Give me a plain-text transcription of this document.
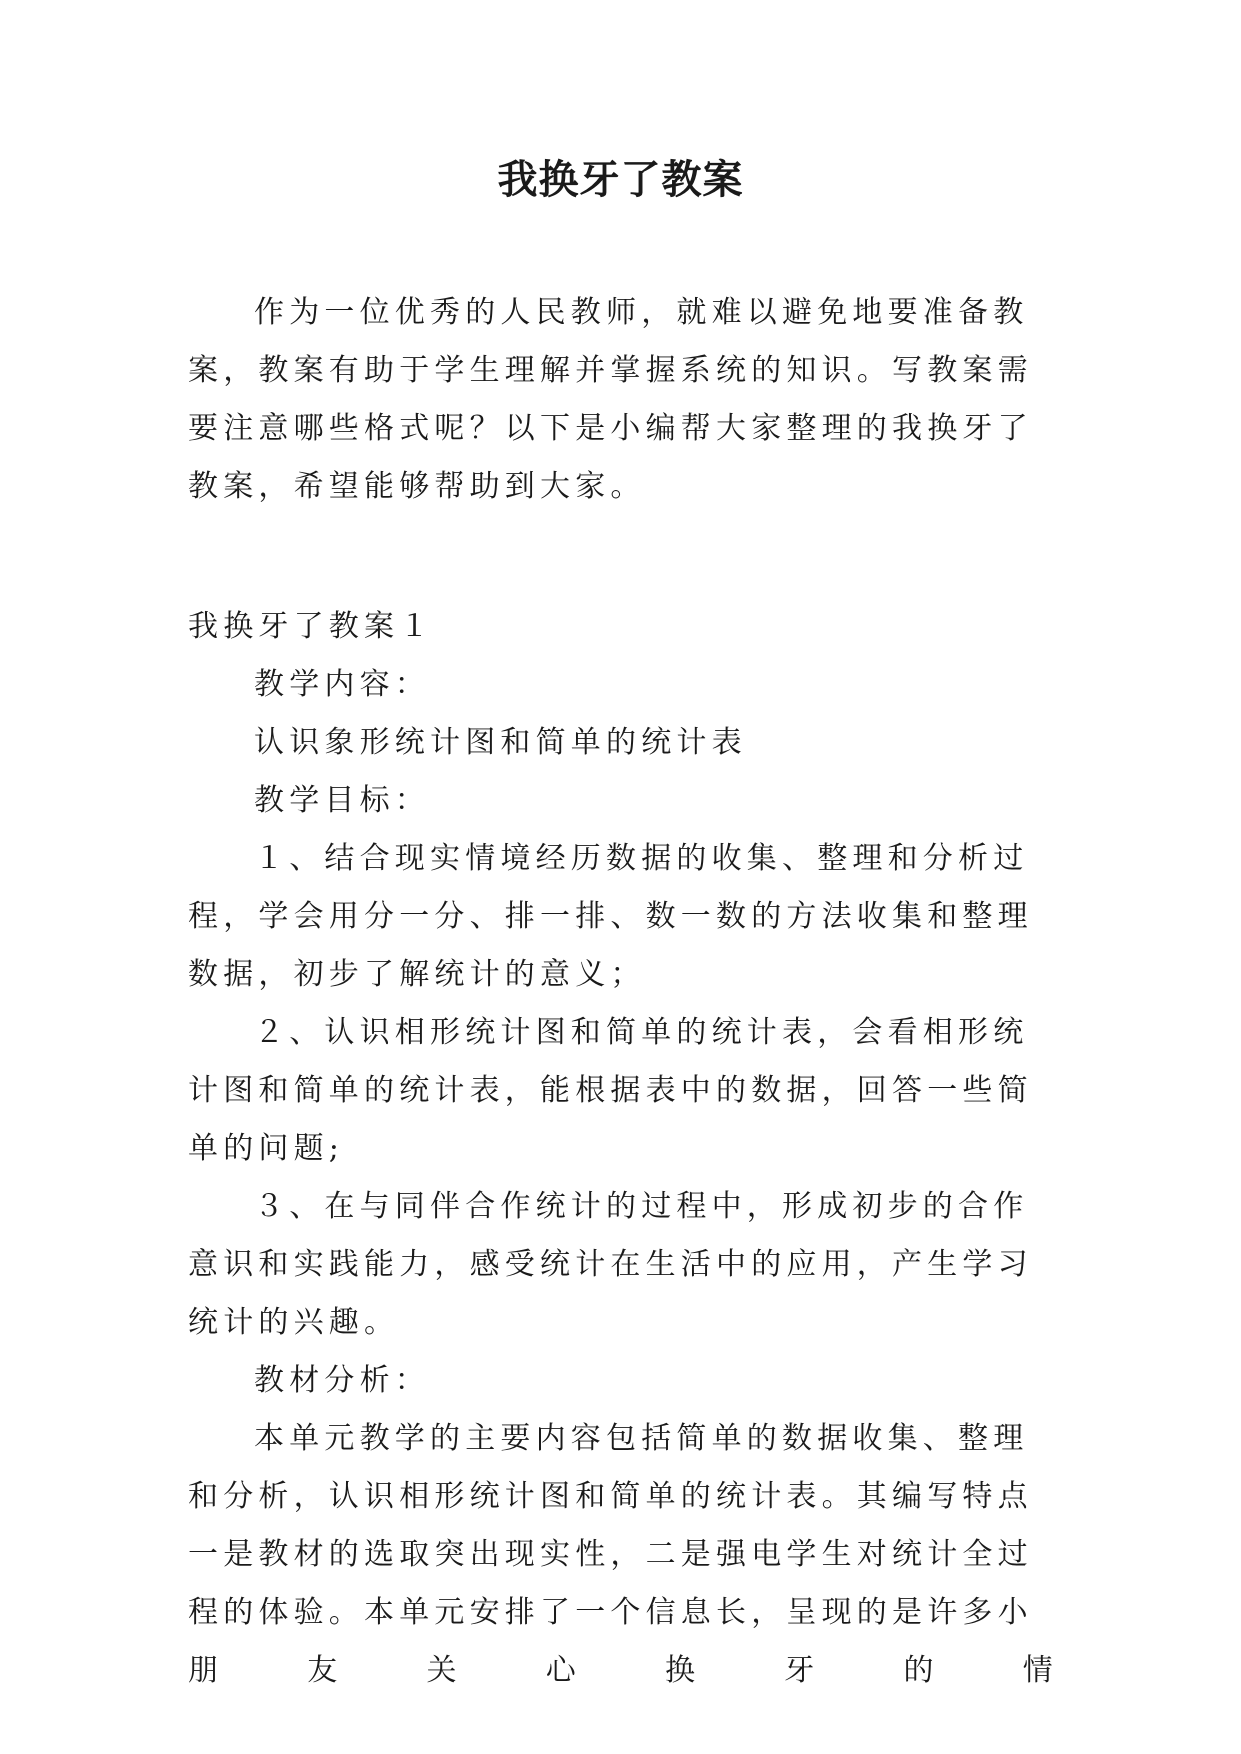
我换牙了教案

作为一位优秀的人民教师，就难以避免地要准备教案，教案有助于学生理解并掌握系统的知识。写教案需要注意哪些格式呢？以下是小编帮大家整理的我换牙了教案，希望能够帮助到大家。

我换牙了教案１

教学内容：

认识象形统计图和简单的统计表

教学目标：

１、结合现实情境经历数据的收集、整理和分析过程，学会用分一分、排一排、数一数的方法收集和整理数据，初步了解统计的意义；

２、认识相形统计图和简单的统计表，会看相形统计图和简单的统计表，能根据表中的数据，回答一些简单的问题;

３、在与同伴合作统计的过程中，形成初步的合作意识和实践能力，感受统计在生活中的应用，产生学习统计的兴趣。

教材分析：

本单元教学的主要内容包括简单的数据收集、整理和分析，认识相形统计图和简单的统计表。其编写特点一是教材的选取突出现实性，二是强电学生对统计全过程的体验。本单元安排了一个信息长，呈现的是许多小朋友关心换牙的情
